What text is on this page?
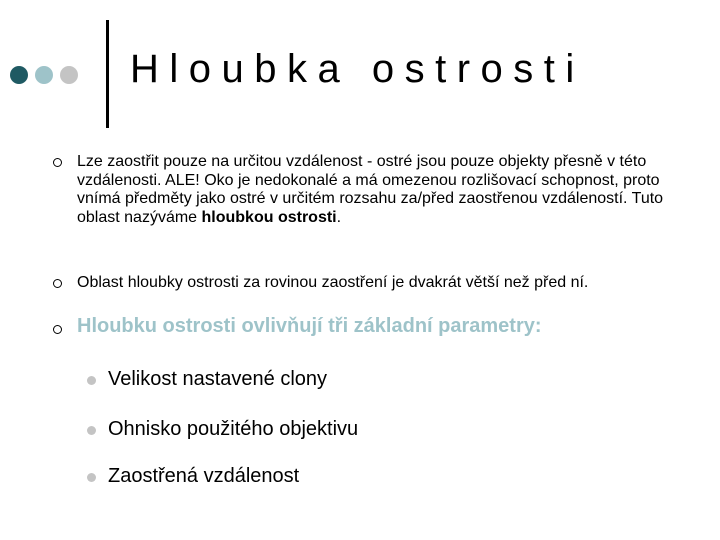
Hloubka ostrosti
Lze zaostřit pouze na určitou vzdálenost - ostré jsou pouze objekty přesně v této vzdálenosti. ALE! Oko je nedokonalé a má omezenou rozlišovací schopnost, proto vnímá předměty jako ostré v určitém rozsahu za/před zaostřenou vzdáleností. Tuto oblast nazýváme hloubkou ostrosti.
Oblast hloubky ostrosti za rovinou zaostření je dvakrát větší než před ní.
Hloubku ostrosti ovlivňují tři základní parametry:
Velikost nastavené clony
Ohnisko použitého objektivu
Zaostřená vzdálenost
